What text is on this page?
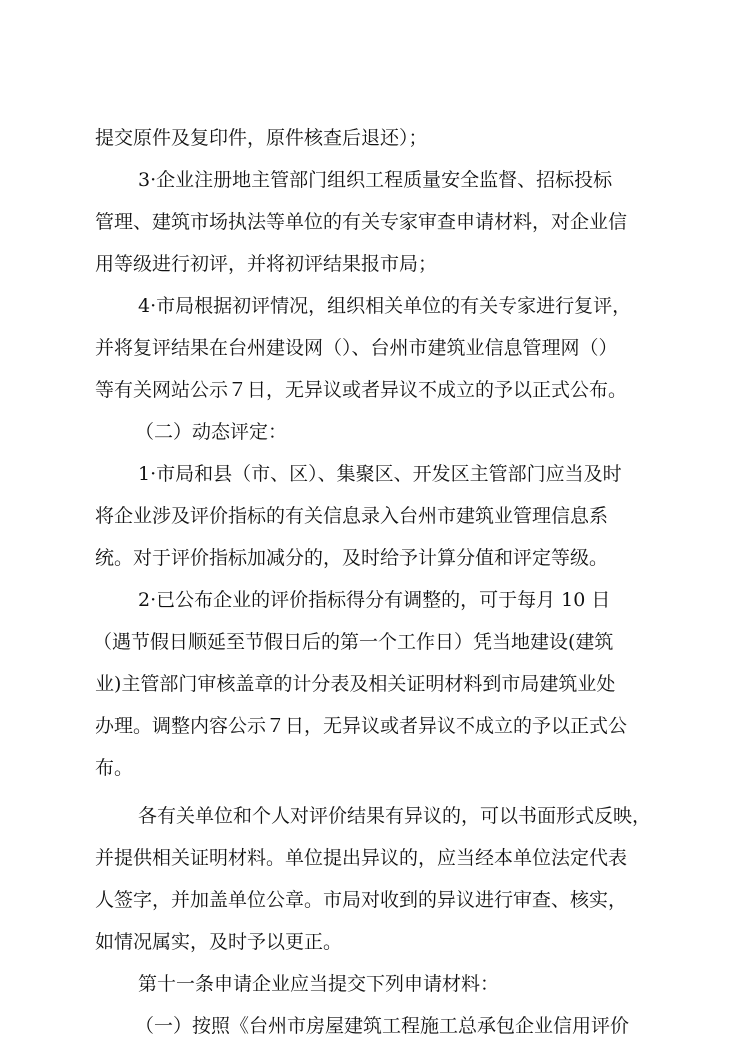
提交原件及复印件，原件核查后退还）；
3·企业注册地主管部门组织工程质量安全监督、招标投标
管理、建筑市场执法等单位的有关专家审查申请材料，对企业信
用等级进行初评，并将初评结果报市局；
4·市局根据初评情况，组织相关单位的有关专家进行复评，
并将复评结果在台州建设网（）、台州市建筑业信息管理网（）
等有关网站公示７日，无异议或者异议不成立的予以正式公布。
（二）动态评定：
1·市局和县（市、区）、集聚区、开发区主管部门应当及时
将企业涉及评价指标的有关信息录入台州市建筑业管理信息系
统。对于评价指标加减分的，及时给予计算分值和评定等级。
2·已公布企业的评价指标得分有调整的，可于每月 10 日
（遇节假日顺延至节假日后的第一个工作日）凭当地建设(建筑
业)主管部门审核盖章的计分表及相关证明材料到市局建筑业处
办理。调整内容公示７日，无异议或者异议不成立的予以正式公
布。
各有关单位和个人对评价结果有异议的，可以书面形式反映，
并提供相关证明材料。单位提出异议的，应当经本单位法定代表
人签字，并加盖单位公章。市局对收到的异议进行审查、核实，
如情况属实，及时予以更正。
第十一条申请企业应当提交下列申请材料：
（一）按照《台州市房屋建筑工程施工总承包企业信用评价
